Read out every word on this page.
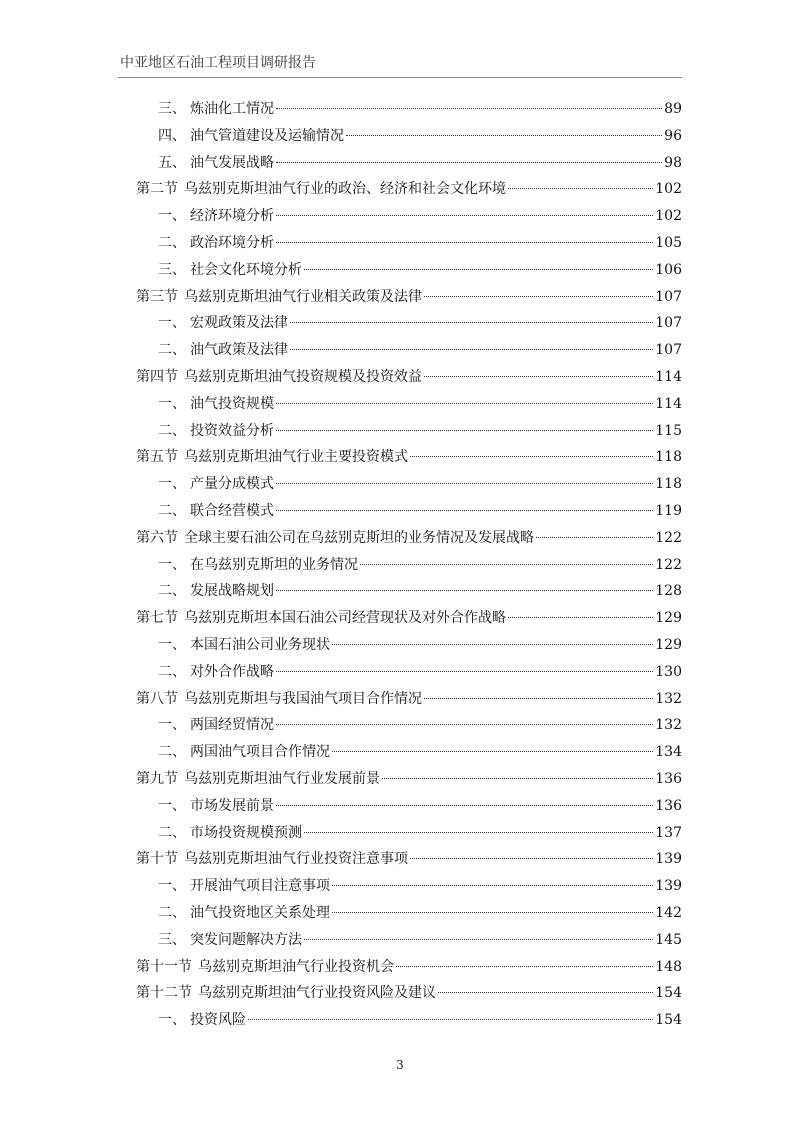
中亚地区石油工程项目调研报告
三、 炼油化工情况	89
四、 油气管道建设及运输情况	96
五、 油气发展战略	98
第二节 乌兹别克斯坦油气行业的政治、经济和社会文化环境	102
一、 经济环境分析	102
二、 政治环境分析	105
三、 社会文化环境分析	106
第三节 乌兹别克斯坦油气行业相关政策及法律	107
一、 宏观政策及法律	107
二、 油气政策及法律	107
第四节 乌兹别克斯坦油气投资规模及投资效益	114
一、 油气投资规模	114
二、 投资效益分析	115
第五节 乌兹别克斯坦油气行业主要投资模式	118
一、 产量分成模式	118
二、 联合经营模式	119
第六节 全球主要石油公司在乌兹别克斯坦的业务情况及发展战略	122
一、 在乌兹别克斯坦的业务情况	122
二、 发展战略规划	128
第七节 乌兹别克斯坦本国石油公司经营现状及对外合作战略	129
一、 本国石油公司业务现状	129
二、 对外合作战略	130
第八节 乌兹别克斯坦与我国油气项目合作情况	132
一、 两国经贸情况	132
二、 两国油气项目合作情况	134
第九节 乌兹别克斯坦油气行业发展前景	136
一、 市场发展前景	136
二、 市场投资规模预测	137
第十节 乌兹别克斯坦油气行业投资注意事项	139
一、 开展油气项目注意事项	139
二、 油气投资地区关系处理	142
三、 突发问题解决方法	145
第十一节 乌兹别克斯坦油气行业投资机会	148
第十二节 乌兹别克斯坦油气行业投资风险及建议	154
一、 投资风险	154
3
